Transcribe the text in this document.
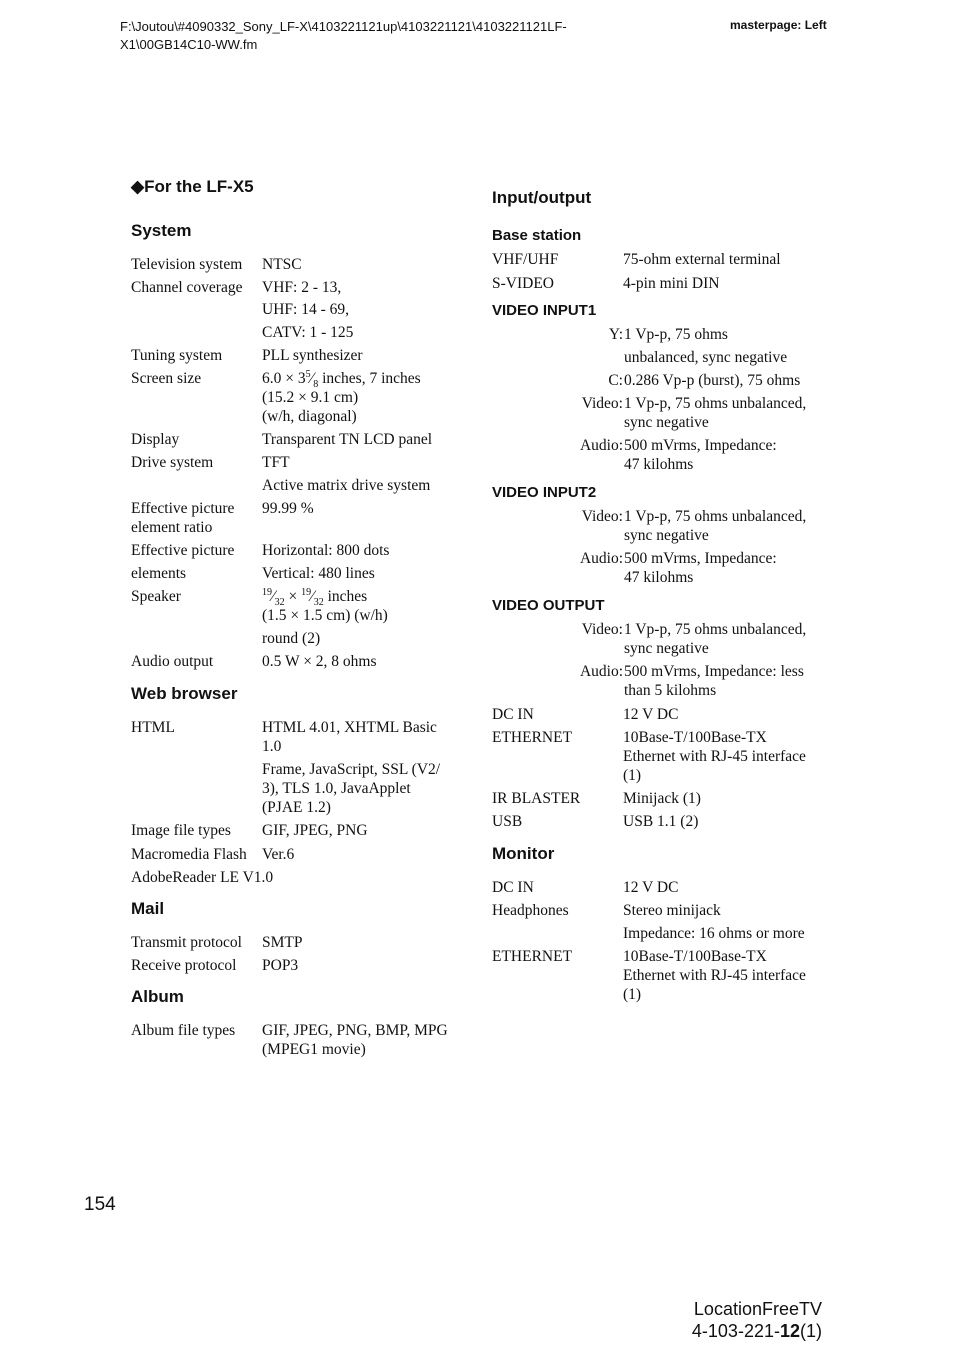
F:\Joutou\#4090332_Sony_LF-X\4103221121up\4103221121\4103221121LF-
X1\00GB14C10-WW.fm
masterpage: Left
◆For the LF-X5
System
Television system	NTSC
Channel coverage	VHF: 2 - 13,
UHF: 14 - 69,
CATV: 1 - 125
Tuning system	PLL synthesizer
Screen size	$6.0 \times 3^5⁄_8$ inches, 7 inches
(15.2 × 9.1 cm)
(w/h, diagonal)
Display	Transparent TN LCD panel
Drive system	TFT
Active matrix drive system
Effective picture	99.99 %
element ratio
Effective picture	Horizontal: 800 dots
elements	Vertical: 480 lines
Speaker	$^{19}⁄_{32}$ × $^{19}⁄_{32}$ inches
(1.5 × 1.5 cm) (w/h)
round (2)
Audio output	0.5 W × 2, 8 ohms
Web browser
HTML	HTML 4.01, XHTML Basic
1.0
Frame, JavaScript, SSL (V2/
3), TLS 1.0, JavaApplet
(PJAE 1.2)
Image file types	GIF, JPEG, PNG
Macromedia Flash Ver.6
AdobeReader LE V1.0
Mail
Transmit protocol	SMTP
Receive protocol	POP3
Album
Album file types	GIF, JPEG, PNG, BMP, MPG
(MPEG1 movie)
Input/output
Base station
VHF/UHF	75-ohm external terminal
S-VIDEO	4-pin mini DIN
VIDEO INPUT1
Y: 1 Vp-p, 75 ohms
unbalanced, sync negative
C: 0.286 Vp-p (burst), 75 ohms
Video: 1 Vp-p, 75 ohms unbalanced,
sync negative
Audio: 500 mVrms, Impedance:
47 kilohms
VIDEO INPUT2
Video: 1 Vp-p, 75 ohms unbalanced,
sync negative
Audio: 500 mVrms, Impedance:
47 kilohms
VIDEO OUTPUT
Video: 1 Vp-p, 75 ohms unbalanced,
sync negative
Audio: 500 mVrms, Impedance: less
than 5 kilohms
DC IN	12 V DC
ETHERNET	10Base-T/100Base-TX
Ethernet with RJ-45 interface
(1)
IR BLASTER	Minijack (1)
USB	USB 1.1 (2)
Monitor
DC IN	12 V DC
Headphones	Stereo minijack
Impedance: 16 ohms or more
ETHERNET	10Base-T/100Base-TX
Ethernet with RJ-45 interface
(1)
154
LocationFreeTV
4-103-221-12(1)
